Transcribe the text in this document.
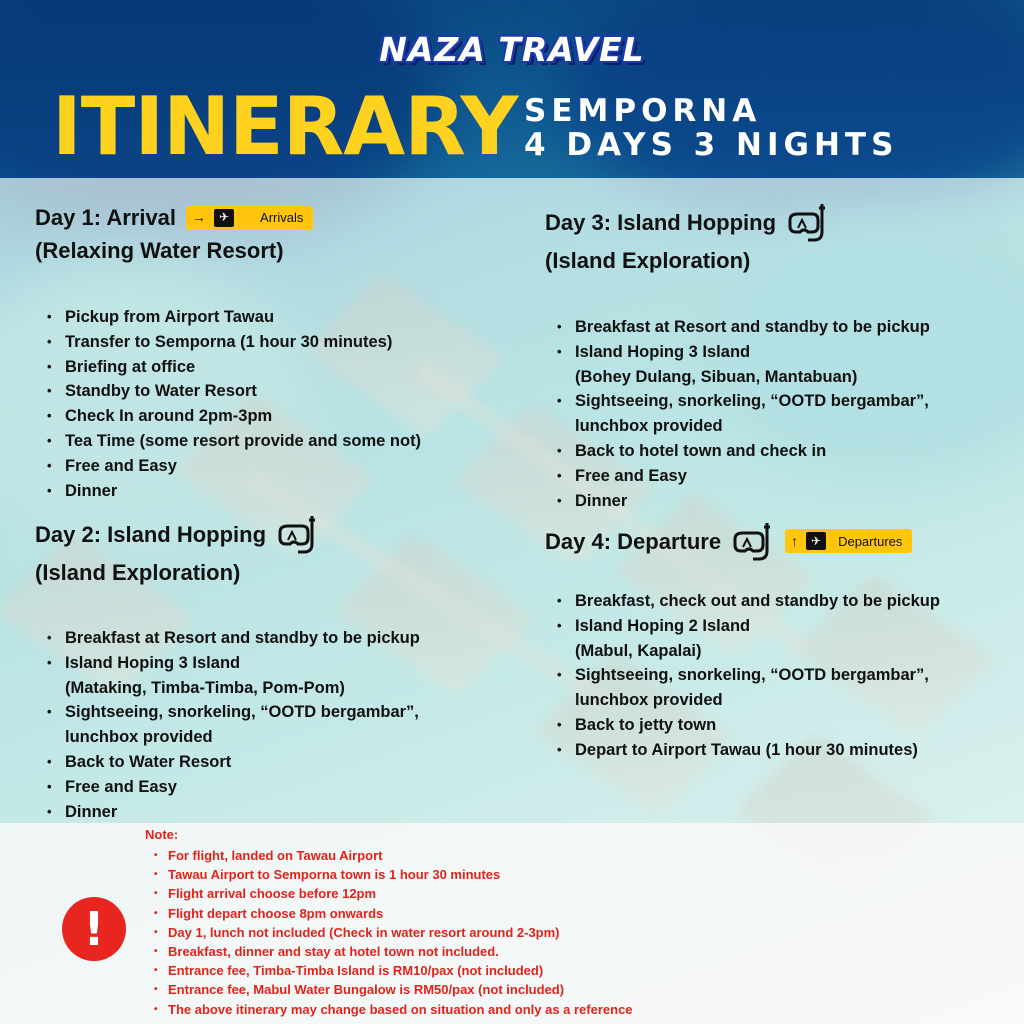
NAZA TRAVEL
ITINERARY SEMPORNA
4 DAYS 3 NIGHTS
Day 1: Arrival →	✈	Arrivals
(Relaxing Water Resort)
• Pickup from Airport Tawau
• Transfer to Semporna (1 hour 30 minutes)
• Briefing at office
• Standby to Water Resort
• Check In around 2pm-3pm
• Tea Time (some resort provide and some not)
• Free and Easy
• Dinner
Day 2: Island Hopping
(Island Exploration)
• Breakfast at Resort and standby to be pickup
• Island Hoping 3 Island
(Mataking, Timba-Timba, Pom-Pom)
• Sightseeing, snorkeling, “OOTD bergambar”,
lunchbox provided
• Back to Water Resort
• Free and Easy
• Dinner
Day 3: Island Hopping
(Island Exploration)
• Breakfast at Resort and standby to be pickup
• Island Hoping 3 Island
(Bohey Dulang, Sibuan, Mantabuan)
• Sightseeing, snorkeling, “OOTD bergambar”,
lunchbox provided
• Back to hotel town and check in
• Free and Easy
• Dinner
Day 4: Departure	↑	✈	Departures
• Breakfast, check out and standby to be pickup
• Island Hoping 2 Island
(Mabul, Kapalai)
• Sightseeing, snorkeling, “OOTD bergambar”,
lunchbox provided
• Back to jetty town
• Depart to Airport Tawau (1 hour 30 minutes)
!
Note:
• For flight, landed on Tawau Airport
• Tawau Airport to Semporna town is 1 hour 30 minutes
• Flight arrival choose before 12pm
• Flight depart choose 8pm onwards
• Day 1, lunch not included (Check in water resort around 2-3pm)
• Breakfast, dinner and stay at hotel town not included.
• Entrance fee, Timba-Timba Island is RM10/pax (not included)
• Entrance fee, Mabul Water Bungalow is RM50/pax (not included)
• The above itinerary may change based on situation and only as a reference
